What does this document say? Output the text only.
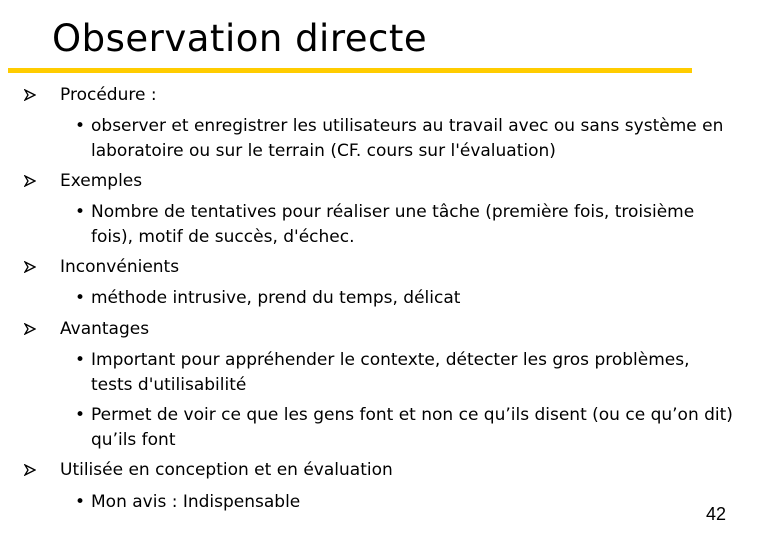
Observation directe
Procédure :
• observer et enregistrer les utilisateurs au travail avec ou sans système en laboratoire ou sur le terrain (CF. cours sur l'évaluation)
Exemples
• Nombre de tentatives pour réaliser une tâche (première fois, troisième fois), motif de succès, d'échec.
Inconvénients
• méthode intrusive, prend du temps, délicat
Avantages
• Important pour appréhender le contexte, détecter les gros problèmes, tests d'utilisabilité
• Permet de voir ce que les gens font et non ce qu’ils disent (ou ce qu’on dit) qu’ils font
Utilisée en conception et en évaluation
• Mon avis : Indispensable
42
